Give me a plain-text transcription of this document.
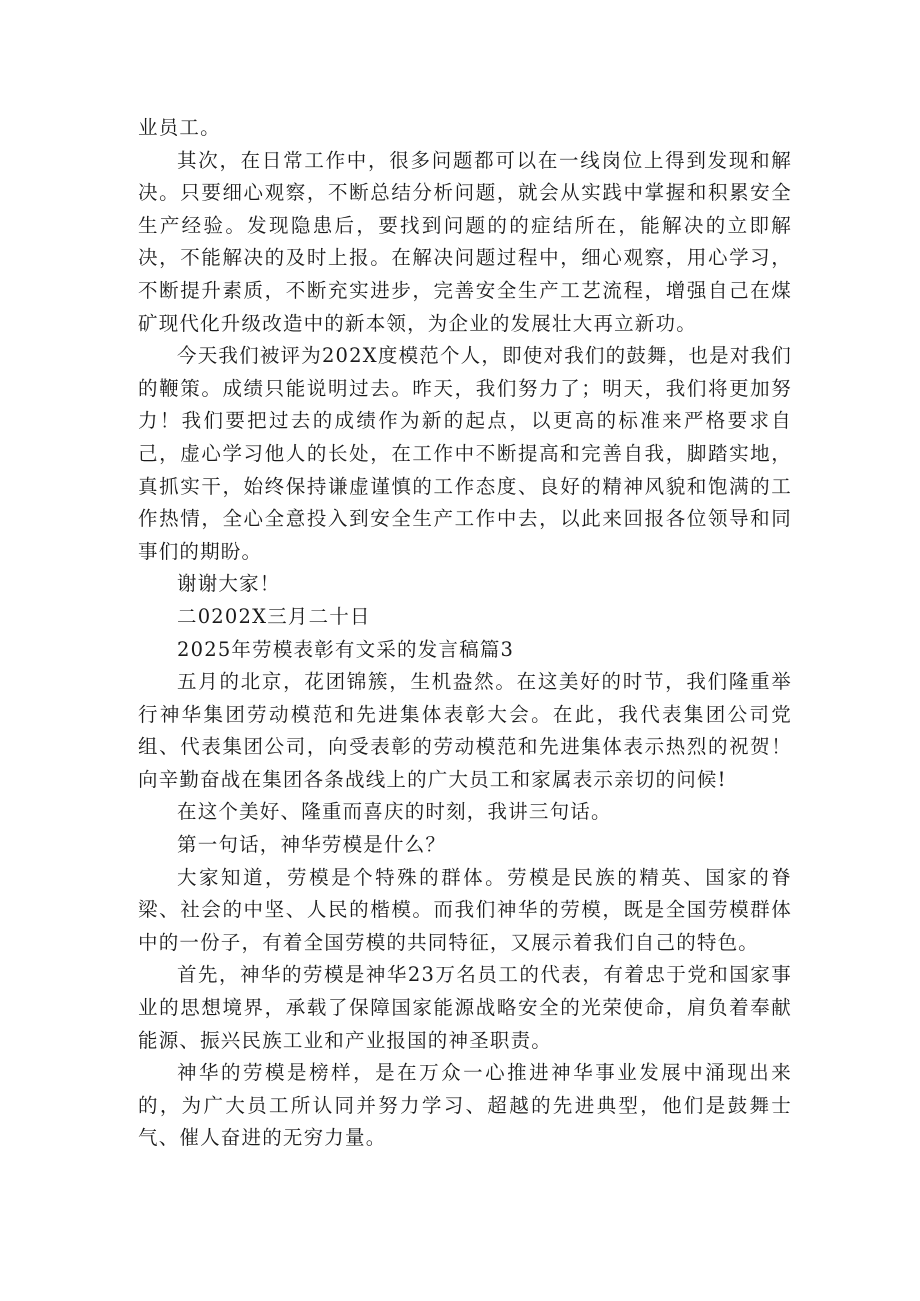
业员工。

其次，在日常工作中，很多问题都可以在一线岗位上得到发现和解决。只要细心观察，不断总结分析问题，就会从实践中掌握和积累安全生产经验。发现隐患后，要找到问题的的症结所在，能解决的立即解决，不能解决的及时上报。在解决问题过程中，细心观察，用心学习，不断提升素质，不断充实进步，完善安全生产工艺流程，增强自己在煤矿现代化升级改造中的新本领，为企业的发展壮大再立新功。

今天我们被评为202X度模范个人，即使对我们的鼓舞，也是对我们的鞭策。成绩只能说明过去。昨天，我们努力了；明天，我们将更加努力！我们要把过去的成绩作为新的起点，以更高的标准来严格要求自己，虚心学习他人的长处，在工作中不断提高和完善自我，脚踏实地，真抓实干，始终保持谦虚谨慎的工作态度、良好的精神风貌和饱满的工作热情，全心全意投入到安全生产工作中去，以此来回报各位领导和同事们的期盼。

谢谢大家！

二0202X三月二十日

2025年劳模表彰有文采的发言稿篇3

五月的北京，花团锦簇，生机盎然。在这美好的时节，我们隆重举行神华集团劳动模范和先进集体表彰大会。在此，我代表集团公司党组、代表集团公司，向受表彰的劳动模范和先进集体表示热烈的祝贺！向辛勤奋战在集团各条战线上的广大员工和家属表示亲切的问候!

在这个美好、隆重而喜庆的时刻，我讲三句话。

第一句话，神华劳模是什么？

大家知道，劳模是个特殊的群体。劳模是民族的精英、国家的脊梁、社会的中坚、人民的楷模。而我们神华的劳模，既是全国劳模群体中的一份子，有着全国劳模的共同特征，又展示着我们自己的特色。

首先，神华的劳模是神华23万名员工的代表，有着忠于党和国家事业的思想境界，承载了保障国家能源战略安全的光荣使命，肩负着奉献能源、振兴民族工业和产业报国的神圣职责。

神华的劳模是榜样，是在万众一心推进神华事业发展中涌现出来的，为广大员工所认同并努力学习、超越的先进典型，他们是鼓舞士气、催人奋进的无穷力量。
